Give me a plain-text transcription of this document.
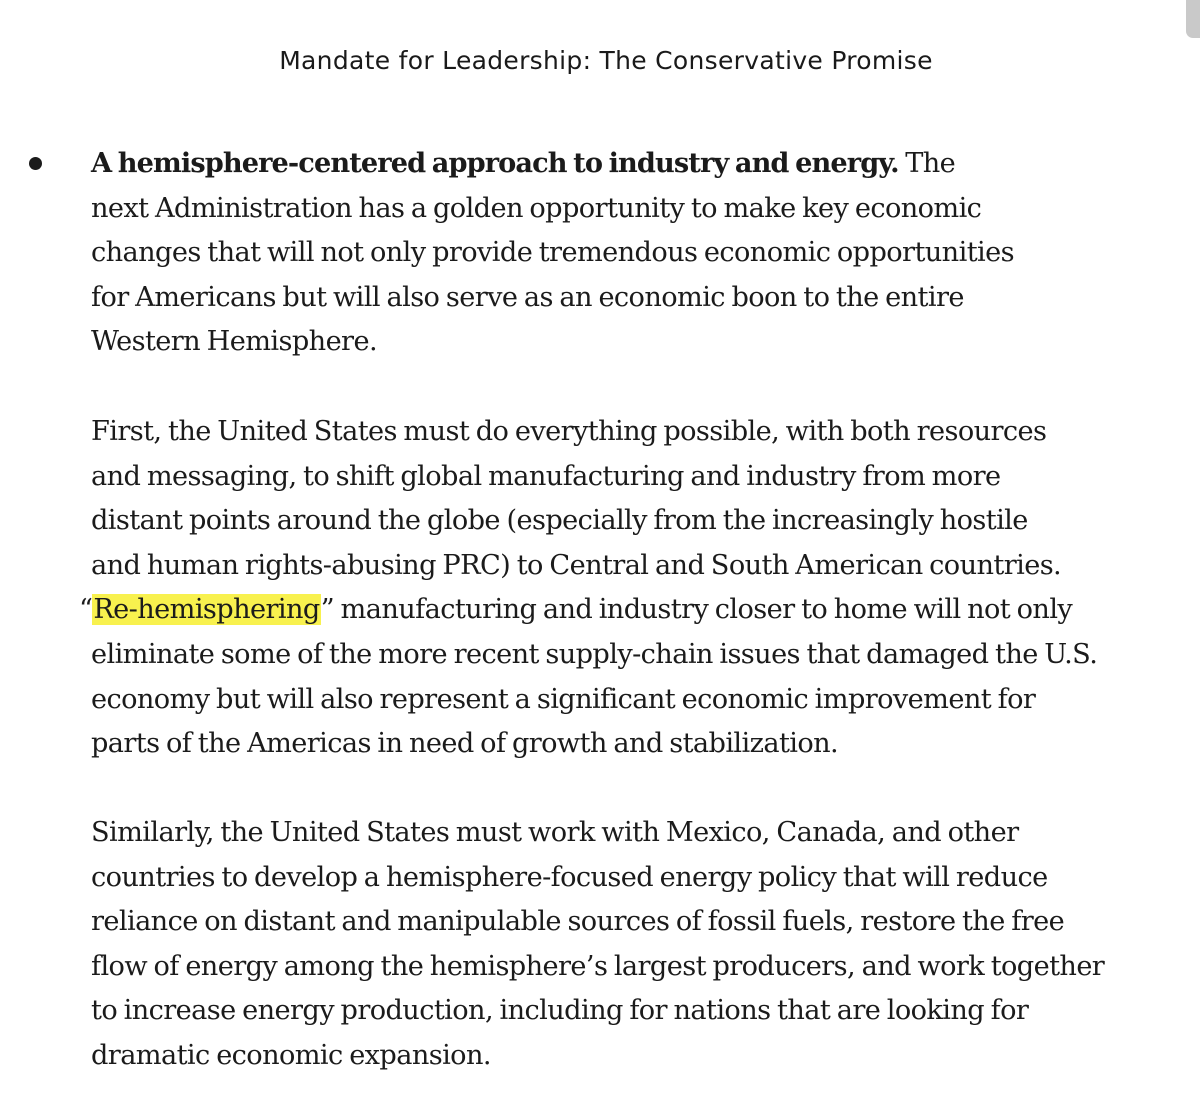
Mandate for Leadership: The Conservative Promise
A hemisphere-centered approach to industry and energy. The
next Administration has a golden opportunity to make key economic
changes that will not only provide tremendous economic opportunities
for Americans but will also serve as an economic boon to the entire
Western Hemisphere.
First, the United States must do everything possible, with both resources
and messaging, to shift global manufacturing and industry from more
distant points around the globe (especially from the increasingly hostile
and human rights-abusing PRC) to Central and South American countries.
“Re-hemisphering” manufacturing and industry closer to home will not only
eliminate some of the more recent supply-chain issues that damaged the U.S.
economy but will also represent a significant economic improvement for
parts of the Americas in need of growth and stabilization.
Similarly, the United States must work with Mexico, Canada, and other
countries to develop a hemisphere-focused energy policy that will reduce
reliance on distant and manipulable sources of fossil fuels, restore the free
flow of energy among the hemisphere’s largest producers, and work together
to increase energy production, including for nations that are looking for
dramatic economic expansion.
